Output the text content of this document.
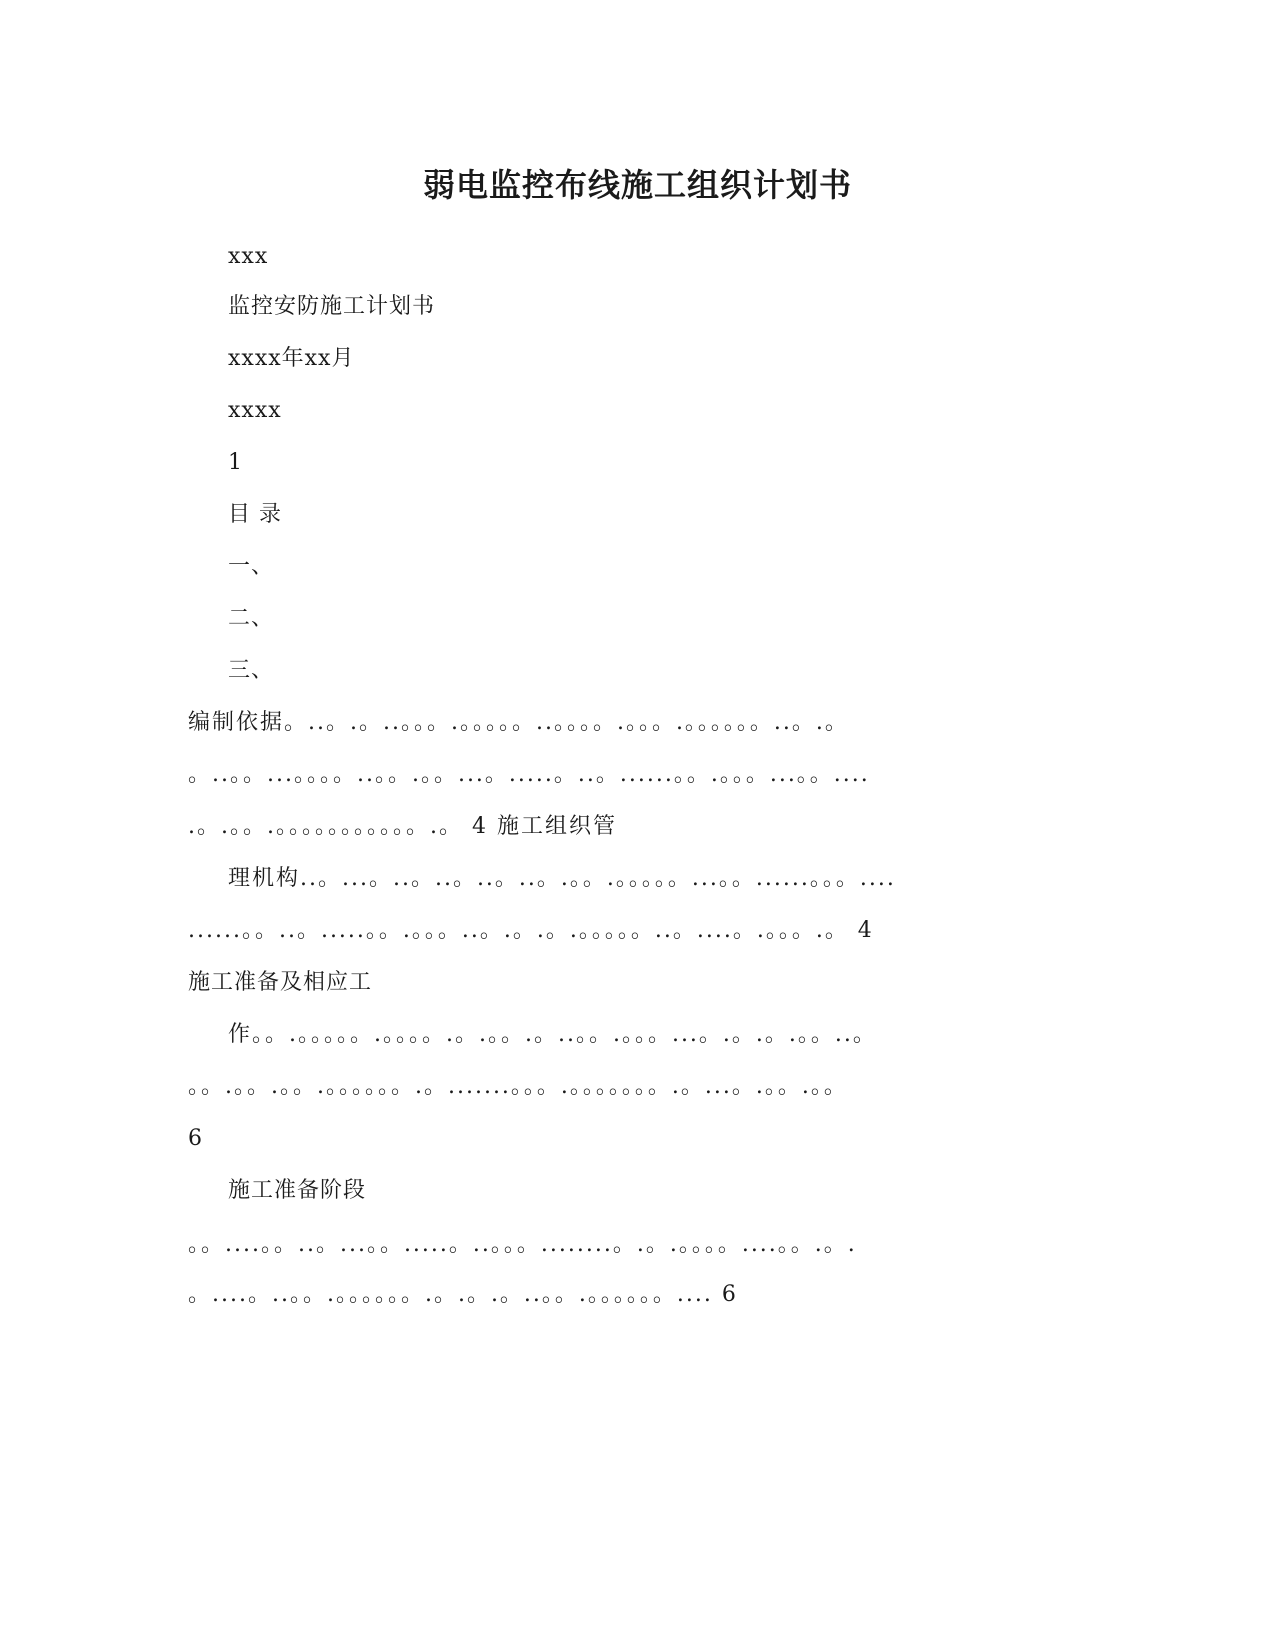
弱电监控布线施工组织计划书
xxx
监控安防施工计划书
xxxx年xx月
xxxx
1
目 录
一、
二、
三、
编制依据。..。.。..。。。.。。。。。..。。。。.。。。.。。。。。。..。.。
。..。。...。。。。..。。.。。...。.....。..。......。。.。。。...。。....
.。.。。.。。。。。。。。。。。.。 4 施工组织管
理机构..。...。..。..。..。..。.。。.。。。。。...。。......。。。....
......。。..。.....。。.。。。..。.。.。.。。。。。..。....。.。。。.。 4
施工准备及相应工
作。。.。。。。。.。。。。.。.。。.。..。。.。。。...。.。.。.。。..。
。。.。。.。。.。。。。。。.。.......。。。.。。。。。。。.。...。.。。.。。
6
施工准备阶段
。。....。。..。...。。.....。..。。。........。.。.。。。。....。。.。.
。....。..。。.。。。。。。.。.。.。..。。.。。。。。。.... 6
